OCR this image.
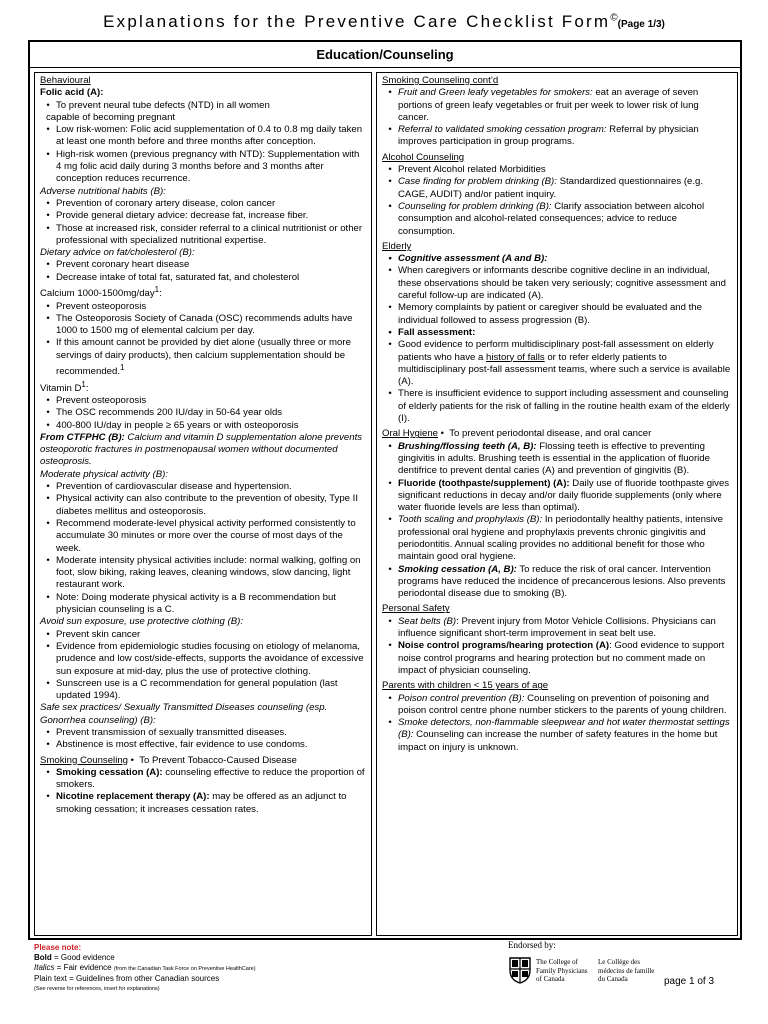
Explanations for the Preventive Care Checklist Form©(Page 1/3)
Education/Counseling

Behavioural

Folic acid (A):

• To prevent neural tube defects (NTD) in all women

capable of becoming pregnant

• Low risk-women: Folic acid supplementation of 0.4 to 0.8 mg daily taken at least one month before and three months after conception.

• High-risk women (previous pregnancy with NTD): Supplementation with 4 mg folic acid daily during 3 months before and 3 months after conception reduces recurrence.

Adverse nutritional habits (B):

• Prevention of coronary artery disease, colon cancer

• Provide general dietary advice: decrease fat, increase fiber.

• Those at increased risk, consider referral to a clinical nutritionist or other professional with specialized nutritional expertise.

Dietary advice on fat/cholesterol (B):

• Prevent coronary heart disease

• Decrease intake of total fat, saturated fat, and cholesterol

Calcium 1000-1500mg/day$^1$:

• Prevent osteoporosis

• The Osteoporosis Society of Canada (OSC) recommends adults have 1000 to 1500 mg of elemental calcium per day.

• If this amount cannot be provided by diet alone (usually three or more servings of dairy products), then calcium supplementation should be recommended.$^1$

Vitamin $D^1$:

• Prevent osteoporosis

• The OSC recommends 200 IU/day in 50-64 year olds

• 400-800 IU/day in people ≥ 65 years or with osteoporosis

From CTFPHC (B): Calcium and vitamin D supplementation alone prevents osteoporotic fractures in postmenopausal women without documented osteoprosis.

Moderate physical activity (B):

• Prevention of cardiovascular disease and hypertension.

• Physical activity can also contribute to the prevention of obesity, Type II diabetes mellitus and osteoporosis.

• Recommend moderate-level physical activity performed consistently to accumulate 30 minutes or more over the course of most days of the week.

• Moderate intensity physical activities include: normal walking, golfing on foot, slow biking, raking leaves, cleaning windows, slow dancing, light restaurant work.

• Note: Doing moderate physical activity is a B recommendation but physician counseling is a C.

Avoid sun exposure, use protective clothing (B):

• Prevent skin cancer

• Evidence from epidemiologic studies focusing on etiology of melanoma, prudence and low cost/side-effects, supports the avoidance of excessive sun exposure at mid-day, plus the use of protective clothing.

• Sunscreen use is a C recommendation for general population (last updated 1994).

Safe sex practices/ Sexually Transmitted Diseases counseling (esp. Gonorrhea counseling) (B):

• Prevent transmission of sexually transmitted diseases.

• Abstinence is most effective, fair evidence to use condoms.

Smoking Counseling •  To Prevent Tobacco-Caused Disease

• Smoking cessation (A): counseling effective to reduce the proportion of smokers.

• Nicotine replacement therapy (A): may be offered as an adjunct to smoking cessation; it increases cessation rates.

Smoking Counseling cont’d

• Fruit and Green leafy vegetables for smokers: eat an average of seven portions of green leafy vegetables or fruit per week to lower risk of lung cancer.

• Referral to validated smoking cessation program: Referral by physician improves participation in group programs.

Alcohol Counseling

• Prevent Alcohol related Morbidities

• Case finding for problem drinking (B): Standardized questionnaires (e.g. CAGE, AUDIT) and/or patient inquiry.

• Counseling for problem drinking (B): Clarify association between alcohol consumption and alcohol-related consequences; advice to reduce consumption.

Elderly

• Cognitive assessment (A and B):

• When caregivers or informants describe cognitive decline in an individual, these observations should be taken very seriously; cognitive assessment and careful follow-up are indicated (A).

• Memory complaints by patient or caregiver should be evaluated and the individual followed to assess progression (B).

• Fall assessment:

• Good evidence to perform multidisciplinary post-fall assessment on elderly patients who have a history of falls or to refer elderly patients to multidisciplinary post-fall assessment teams, where such a service is available (A).

• There is insufficient evidence to support including assessment and counseling of elderly patients for the risk of falling in the routine health exam of the elderly (I).

Oral Hygiene •  To prevent periodontal disease, and oral cancer

• Brushing/flossing teeth (A, B): Flossing teeth is effective to preventing gingivitis in adults. Brushing teeth is essential in the application of fluoride dentifrice to prevent dental caries (A) and prevention of gingivitis (B).

• Fluoride (toothpaste/supplement) (A): Daily use of fluoride toothpaste gives significant reductions in decay and/or daily fluoride supplements (only where water fluoride levels are less than optimal).

• Tooth scaling and prophylaxis (B): In periodontally healthy patients, intensive professional oral hygiene and prophylaxis prevents chronic gingivitis and periodontitis. Annual scaling provides no additional benefit for those who maintain good oral hygiene.

• Smoking cessation (A, B): To reduce the risk of oral cancer. Intervention programs have reduced the incidence of precancerous lesions. Also prevents periodontal disease due to smoking (B).

Personal Safety

• Seat belts (B): Prevent injury from Motor Vehicle Collisions. Physicians can influence significant short-term improvement in seat belt use.

• Noise control programs/hearing protection (A): Good evidence to support noise control programs and hearing protection but no comment made on impact of physician counseling.

Parents with children < 15 years of age

• Poison control prevention (B): Counseling on prevention of poisoning and poison control centre phone number stickers to the parents of young children.

• Smoke detectors, non-flammable sleepwear and hot water thermostat settings (B): Counseling can increase the number of safety features in the home but impact on injury is unknown.

Please note:
Bold = Good evidence
Italics = Fair evidence (from the Canadian Task Force on Preventive HealthCare)
Plain text = Guidelines from other Canadian sources
(See reverse for references, insert for explanations)
Endorsed by:
The College of
Family Physicians
of Canada
Le Collège des
médecins de famille
du Canada	page 1 of 3
